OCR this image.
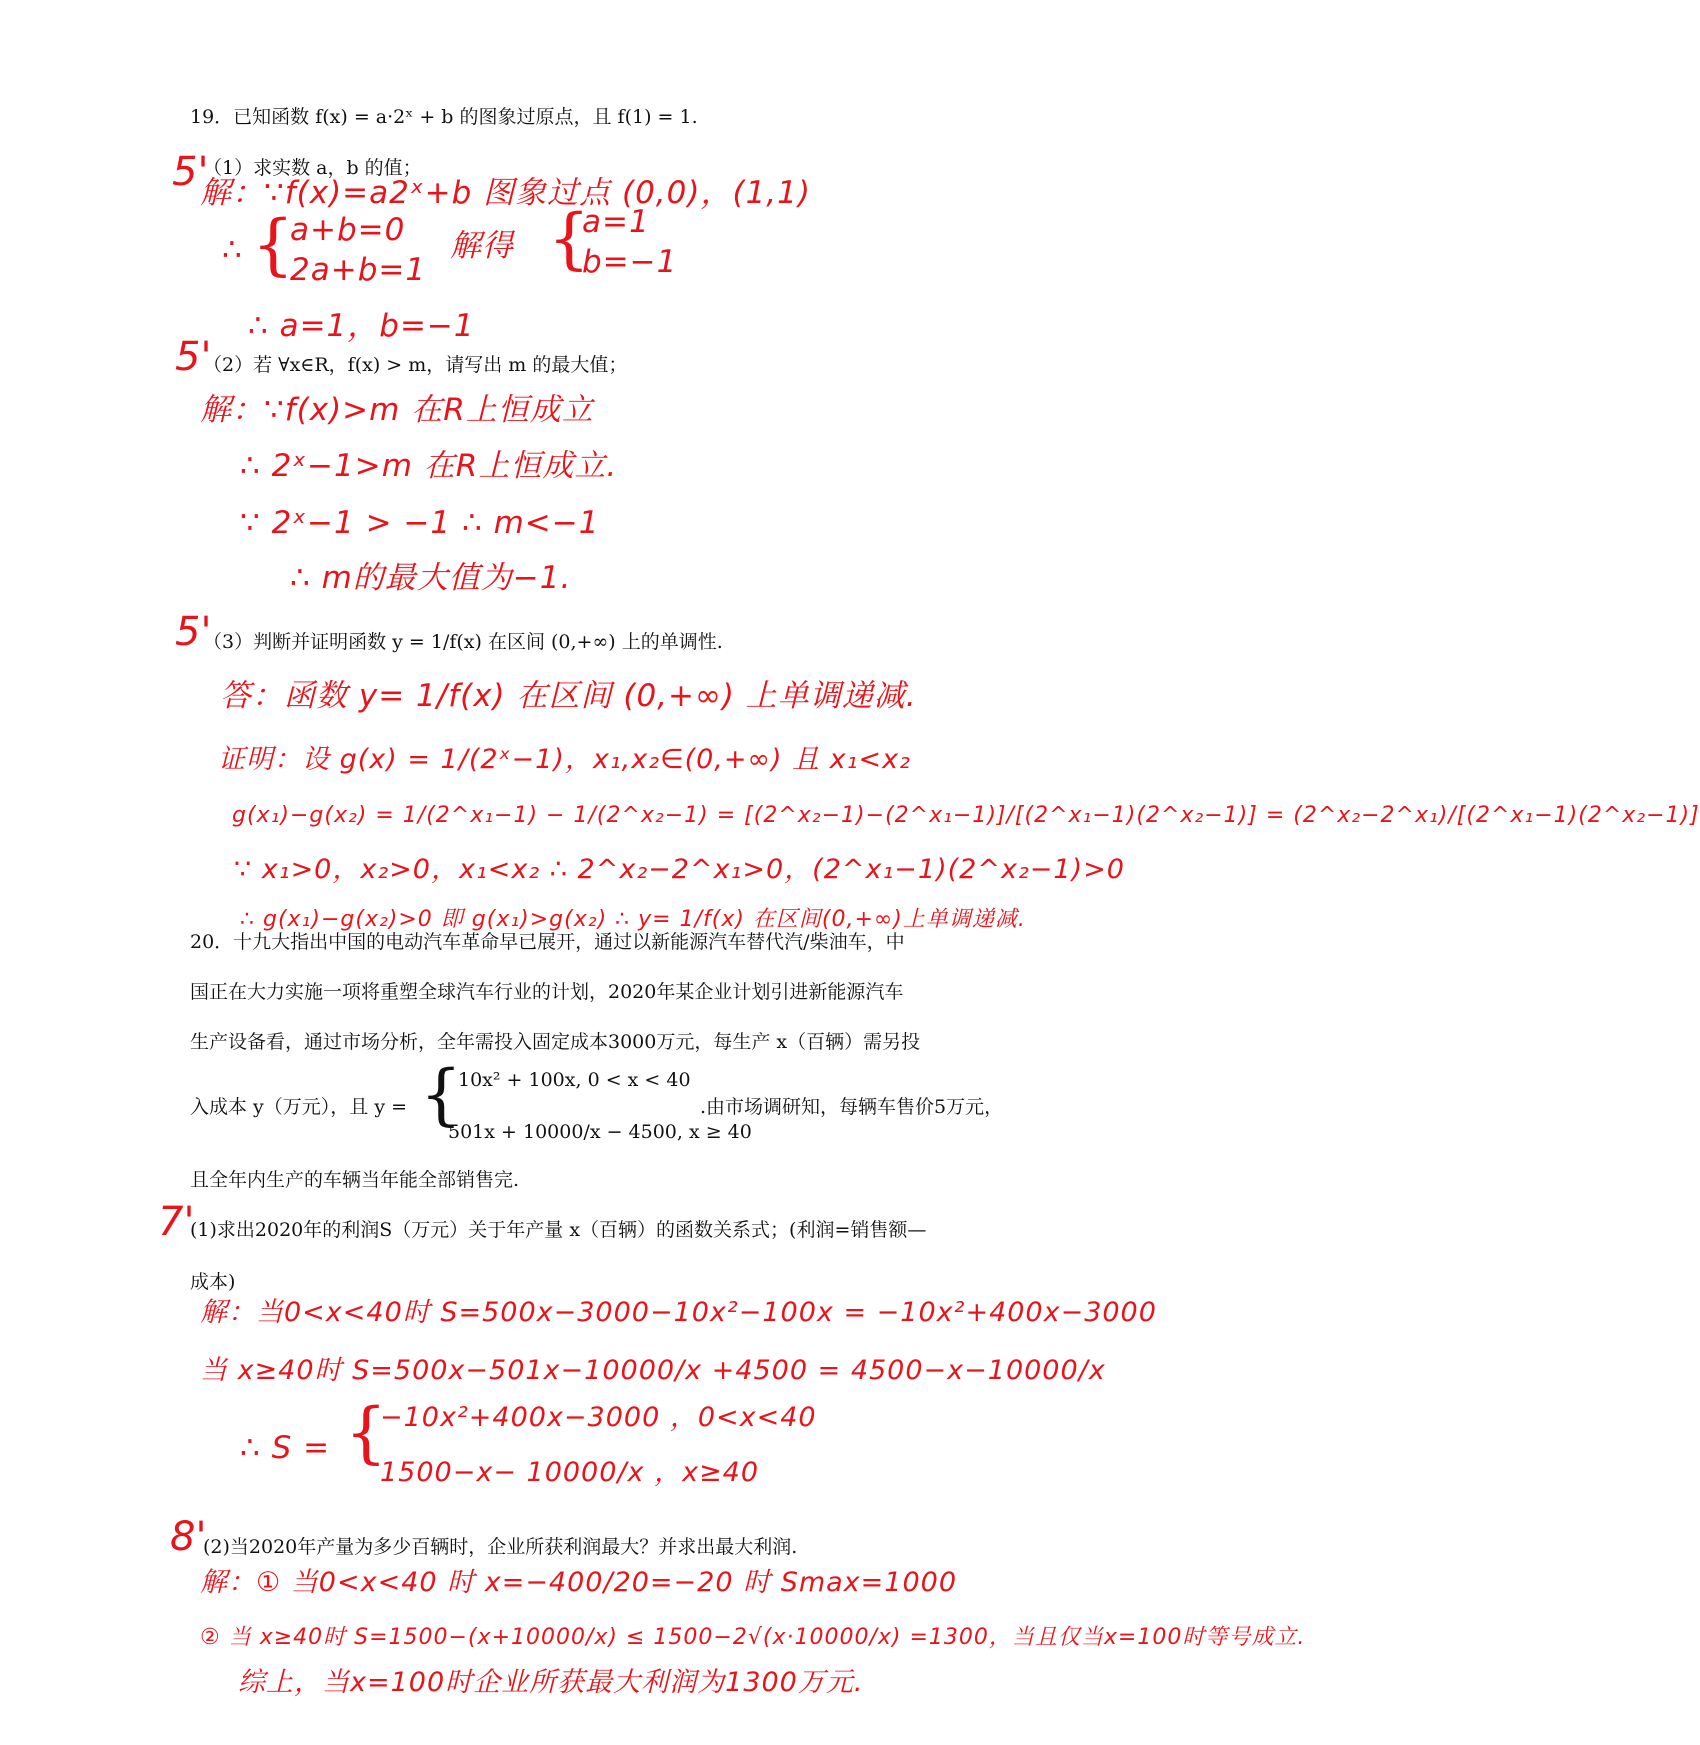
19．已知函数 f(x) = a·2ˣ + b 的图象过原点，且 f(1) = 1.
5'
（1）求实数 a，b 的值；
解：∵f(x)=a2ˣ+b 图象过点 (0,0)，(1,1)
∴ {
a+b=0
2a+b=1
解得 {
a=1
b=−1
∴ a=1，b=−1
5'
（2）若 ∀x∈R，f(x) > m，请写出 m 的最大值；
解：∵f(x)>m 在R上恒成立
∴ 2ˣ−1>m 在R上恒成立.
∵ 2ˣ−1 > −1 ∴ m<−1
∴ m的最大值为−1.
5'
（3）判断并证明函数 y = 1/f(x) 在区间 (0,+∞) 上的单调性.
答：函数 y= 1/f(x) 在区间 (0,+∞) 上单调递减.
证明：设 g(x) = 1/(2ˣ−1)，x₁,x₂∈(0,+∞) 且 x₁<x₂
g(x₁)−g(x₂) = 1/(2^x₁−1) − 1/(2^x₂−1) = [(2^x₂−1)−(2^x₁−1)]/[(2^x₁−1)(2^x₂−1)] = (2^x₂−2^x₁)/[(2^x₁−1)(2^x₂−1)]
∵ x₁>0，x₂>0，x₁<x₂ ∴ 2^x₂−2^x₁>0，(2^x₁−1)(2^x₂−1)>0
∴ g(x₁)−g(x₂)>0 即 g(x₁)>g(x₂) ∴ y= 1/f(x) 在区间(0,+∞)上单调递减.
20．十九大指出中国的电动汽车革命早已展开，通过以新能源汽车替代汽/柴油车，中
国正在大力实施一项将重塑全球汽车行业的计划，2020年某企业计划引进新能源汽车
生产设备看，通过市场分析，全年需投入固定成本3000万元，每生产 x（百辆）需另投
入成本 y（万元），且 y = {
10x² + 100x, 0 < x < 40
501x + 10000/x − 4500, x ≥ 40
.由市场调研知，每辆车售价5万元，
且全年内生产的车辆当年能全部销售完.
7'
(1)求出2020年的利润S（万元）关于年产量 x（百辆）的函数关系式；(利润=销售额—
成本)
解：当0<x<40时 S=500x−3000−10x²−100x = −10x²+400x−3000
当 x≥40时 S=500x−501x−10000/x +4500 = 4500−x−10000/x
∴ S = {
−10x²+400x−3000 ，0<x<40
1500−x− 10000/x ，x≥40
8'
(2)当2020年产量为多少百辆时，企业所获利润最大？并求出最大利润.
解：① 当0<x<40 时 x=−400/20=−20 时 Smax=1000
② 当 x≥40时 S=1500−(x+10000/x) ≤ 1500−2√(x·10000/x) =1300，当且仅当x=100时等号成立.
综上，当x=100时企业所获最大利润为1300万元.
